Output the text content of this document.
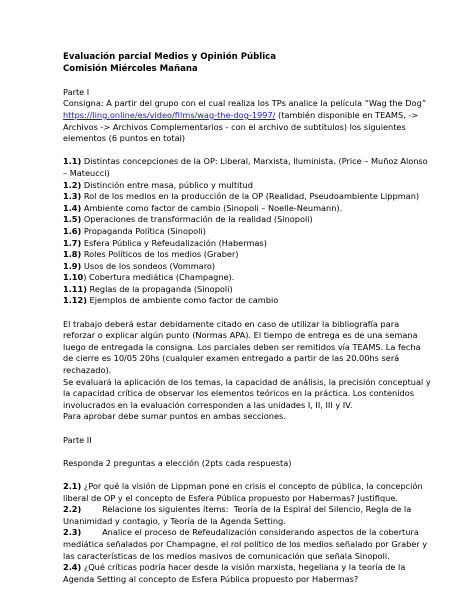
Evaluación parcial Medios y Opinión Pública
Comisión Miércoles Mañana
Parte I
Consigna: A partir del grupo con el cual realiza los TPs analice la película “Wag the Dog” https://ling.online/es/video/films/wag-the-dog-1997/ (también disponible en TEAMS, -> Archivos -> Archivos Complementarios - con el archivo de subtítulos) los siguientes elementos (6 puntos en total)
1.1) Distintas concepciones de la OP: Liberal, Marxista, Iluminista. (Price – Muñoz Alonso – Mateucci)
1.2) Distinción entre masa, público y multitud
1.3) Rol de los medios en la producción de la OP (Realidad, Pseudoambiente Lippman)
1.4) Ambiente como factor de cambio (Sinopoli – Noelle-Neumann).
1.5) Operaciones de transformación de la realidad (Sinopoli)
1.6) Propaganda Política (Sinopoli)
1.7) Esfera Pública y Refeudalización (Habermas)
1.8) Roles Políticos de los medios (Graber)
1.9) Usos de los sondeos (Vommaro)
1.10) Cobertura mediática (Champagne).
1.11) Reglas de la propaganda (Sinopoli)
1.12) Ejemplos de ambiente como factor de cambio
El trabajo deberá estar debidamente citado en caso de utilizar la bibliografía para reforzar o explicar algún punto (Normas APA). El tiempo de entrega es de una semana luego de entregada la consigna. Los parciales deben ser remitidos vía TEAMS. La fecha de cierre es 10/05 20hs (cualquier examen entregado a partir de las 20.00hs será rechazado).
Se evaluará la aplicación de los temas, la capacidad de análisis, la precisión conceptual y la capacidad crítica de observar los elementos teóricos en la práctica. Los contenidos involucrados en la evaluación corresponden a las unidades I, II, III y IV.
Para aprobar debe sumar puntos en ambas secciones.
Parte II
Responda 2 preguntas a elección (2pts cada respuesta)
2.1) ¿Por qué la visión de Lippman pone en crisis el concepto de pública, la concepción liberal de OP y el concepto de Esfera Pública propuesto por Habermas? Justifique.
2.2)        Relacione los siguientes ítems:  Teoría de la Espiral del Silencio, Regla de la Unanimidad y contagio, y Teoría de la Agenda Setting.
2.3)        Analice el proceso de Refeudalización considerando aspectos de la cobertura mediática señalados por Champagne, el rol político de los medios señalado por Graber y las características de los medios masivos de comunicación que señala Sinopoli.
2.4) ¿Qué críticas podría hacer desde la visión marxista, hegeliana y la teoría de la Agenda Setting al concepto de Esfera Pública propuesto por Habermas?
